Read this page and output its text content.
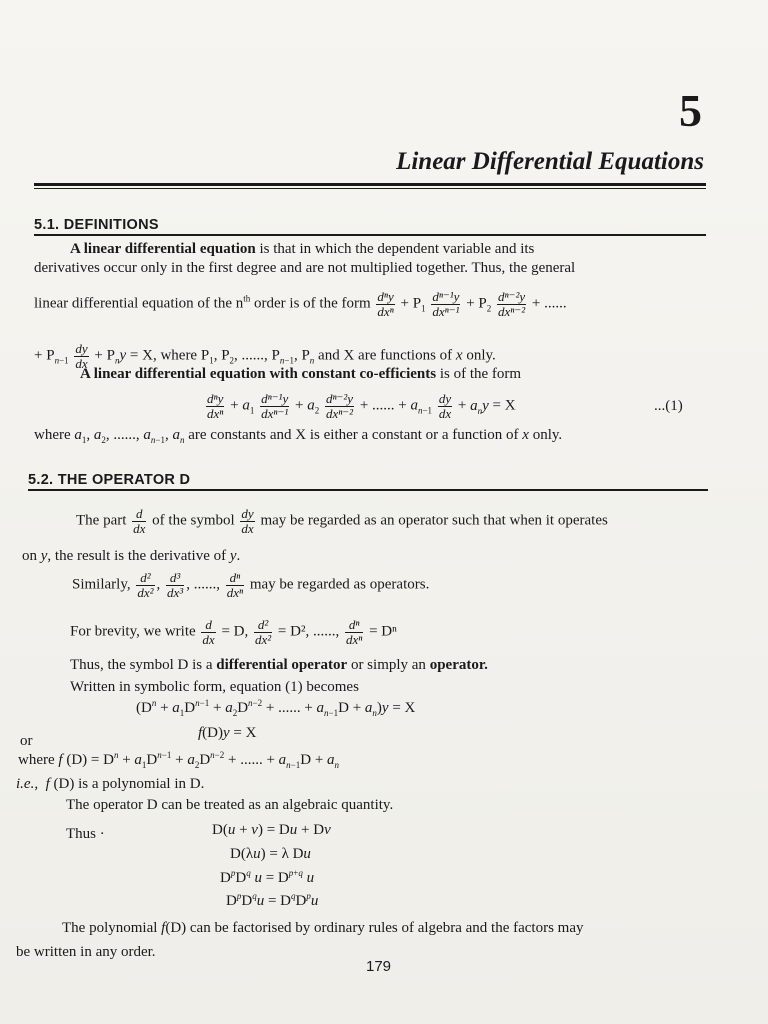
5
Linear Differential Equations
5.1. DEFINITIONS
A linear differential equation is that in which the dependent variable and its
derivatives occur only in the first degree and are not multiplied together. Thus, the general
linear differential equation of the $n^{th}$ order is of the form $\frac{\text{dⁿy}}{\text{dxⁿ}} + P_1 \frac{\text{dⁿ⁻¹y}}{\text{dxⁿ⁻¹}} + P_2 \frac{\text{dⁿ⁻²y}}{\text{dxⁿ⁻²}}$ + ......
+ $P_{n-1} \frac{dy}{dx} + P_ny = X$, where $P_1$, $P_2$, ......, $P_{n-1}$, $P_n$ and X are functions of x only.
A linear differential equation with constant co-efficients is of the form
$\frac{\text{dⁿy}}{\text{dxⁿ}} + a_1 \frac{\text{dⁿ⁻¹y}}{\text{dxⁿ⁻¹}} + a_2 \frac{\text{dⁿ⁻²y}}{\text{dxⁿ⁻²}}$ + ...... + $a_{n-1} \frac{dy}{dx} + a_ny = X$	...(1)
where $a_1$, $a_2$, ......, $a_{n-1}$, $a_n$ are constants and X is either a constant or a function of x only.
5.2. THE OPERATOR D
The part $\frac{d}{dx}$ of the symbol $\frac{dy}{dx}$ may be regarded as an operator such that when it operates
on y, the result is the derivative of y.
Similarly, $\frac{\text{d²}}{\text{dx²}}$ , $\frac{\text{d³}}{\text{dx³}}$ , ......, $\frac{\text{dⁿ}}{\text{dxⁿ}}$ may be regarded as operators.
For brevity, we write $\frac{d}{dx} = D$, $\frac{\text{d²}}{\text{dx²}} = D^2$, ......, $\frac{\text{dⁿ}}{\text{dxⁿ}} = D^n$
Thus, the symbol D is a differential operator or simply an operator.
Written in symbolic form, equation (1) becomes
($D^n + a_1D^{n-1} + a_2D^{n-2}$ + ...... + $a_{n-1}D + a_n)y = X$
or	f(D)y = X
where f $(D) = D^n + a_1D^{n-1} + a_2D^{n-2}$ + ...... + $a_{n-1}D + a_n$
i.e., f (D) is a polynomial in D.
The operator D can be treated as an algebraic quantity.
Thus ·	D(u + v) = Du + Dv
D(λu) = λ Du
$D^pD^q$ $u = D^{p+q}$ u
$D^pD^qu = D^qD^pu$
The polynomial f(D) can be factorised by ordinary rules of algebra and the factors may
be written in any order.
179
